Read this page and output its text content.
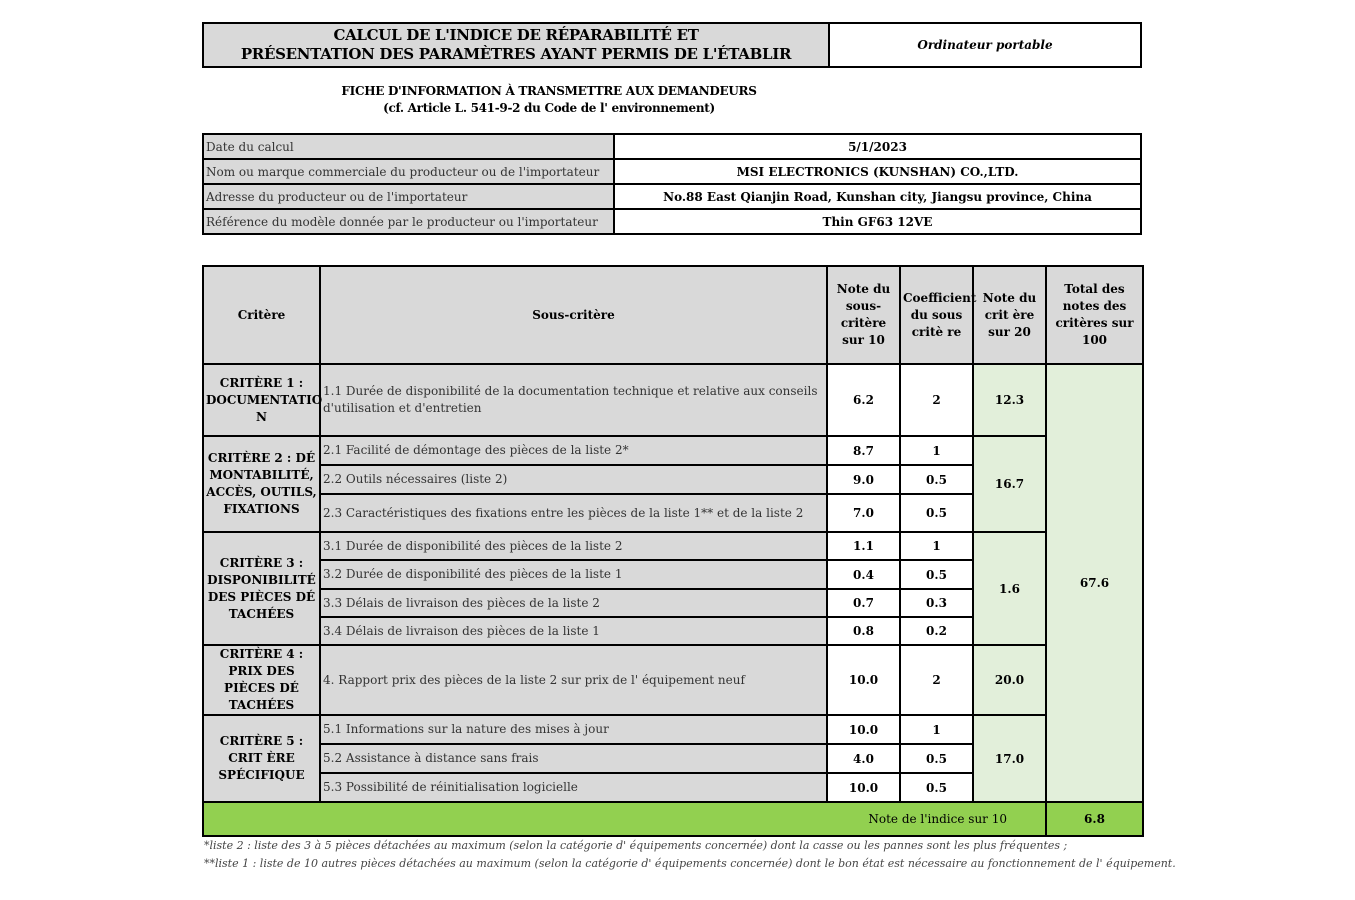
CALCUL DE L'INDICE DE RÉPARABILITÉ ET
PRÉSENTATION DES PARAMÈTRES AYANT PERMIS DE L'ÉTABLIR	Ordinateur portable
FICHE D'INFORMATION À TRANSMETTRE AUX DEMANDEURS
(cf. Article L. 541-9-2 du Code de l' environnement)
Date du calcul	5/1/2023
Nom ou marque commerciale du producteur ou de l'importateur	MSI ELECTRONICS (KUNSHAN) CO.,LTD.
Adresse du producteur ou de l'importateur	No.88 East Qianjin Road, Kunshan city, Jiangsu province, China
Référence du modèle donnée par le producteur ou l'importateur	Thin GF63 12VE
Critère	Sous-critère	Note du sous-critère sur 10	Coefficient du sous critè re	Note du crit ère sur 20	Total des notes des critères sur 100
CRITÈRE 1 : DOCUMENTATIO N	1.1 Durée de disponibilité de la documentation technique et relative aux conseils d'utilisation et d'entretien	6.2	2	12.3	67.6
CRITÈRE 2 : DÉ MONTABILITÉ, ACCÈS, OUTILS, FIXATIONS	2.1 Facilité de démontage des pièces de la liste 2*	8.7	1	16.7	
	2.2 Outils nécessaires (liste 2)	9.0	0.5		
	2.3 Caractéristiques des fixations entre les pièces de la liste 1** et de la liste 2	7.0	0.5		
CRITÈRE 3 : DISPONIBILITÉ DES PIÈCES DÉ TACHÉES	3.1 Durée de disponibilité des pièces de la liste 2	1.1	1	1.6	
	3.2 Durée de disponibilité des pièces de la liste 1	0.4	0.5		
	3.3 Délais de livraison des pièces de la liste 2	0.7	0.3		
	3.4 Délais de livraison des pièces de la liste 1	0.8	0.2		
CRITÈRE 4 : PRIX DES PIÈCES DÉ TACHÉES	4. Rapport prix des pièces de la liste 2 sur prix de l' équipement neuf	10.0	2	20.0	
CRITÈRE 5 : CRIT ÈRE SPÉCIFIQUE	5.1 Informations sur la nature des mises à jour	10.0	1	17.0	
	5.2 Assistance à distance sans frais	4.0	0.5		
	5.3 Possibilité de réinitialisation logicielle	10.0	0.5		
Note de l'indice sur 10					6.8
*liste 2 : liste des 3 à 5 pièces détachées au maximum (selon la catégorie d' équipements concernée) dont la casse ou les pannes sont les plus fréquentes ;
**liste 1 : liste de 10 autres pièces détachées au maximum (selon la catégorie d' équipements concernée) dont le bon état est nécessaire au fonctionnement de l' équipement.
